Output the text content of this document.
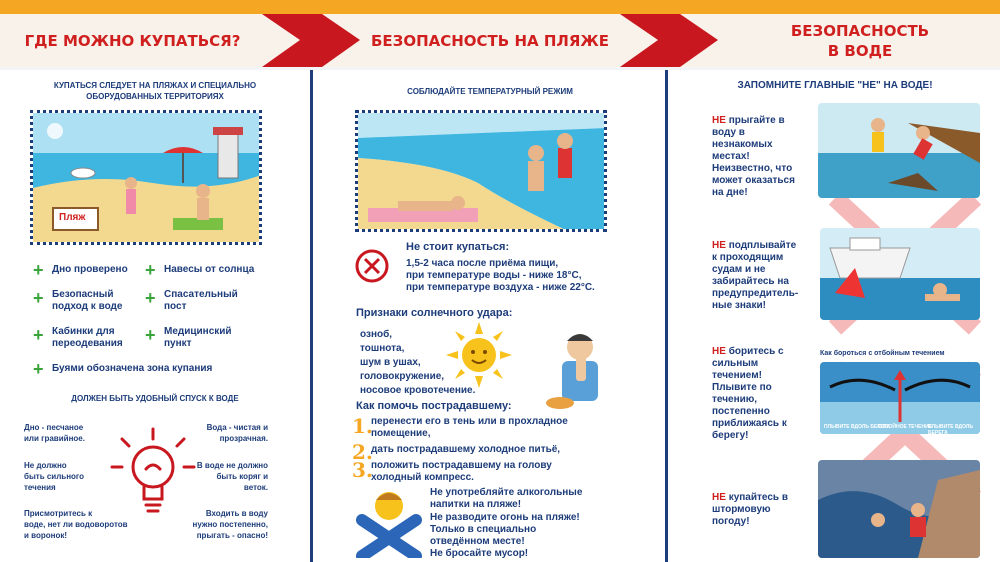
ГДЕ МОЖНО КУПАТЬСЯ?	БЕЗОПАСНОСТЬ НА ПЛЯЖЕ
БЕЗОПАСНОСТЬ
В ВОДЕ
КУПАТЬСЯ СЛЕДУЕТ НА ПЛЯЖАХ И СПЕЦИАЛЬНО
ОБОРУДОВАННЫХ ТЕРРИТОРИЯХ
Пляж
+ Дно проверено + Навесы от солнца
+ Безопасный
подход к воде + Спасательный
пост
+ Кабинки для
переодевания + Медицинский
пункт
+ Буями обозначена зона купания
ДОЛЖЕН БЫТЬ УДОБНЫЙ СПУСК К ВОДЕ
Дно - песчаное
или гравийное.
Не должно
быть сильного
течения
Присмотритесь к
воде, нет ли водоворотов
и воронок!
Вода - чистая и
прозрачная.
В воде не должно
быть коряг и
веток.
Входить в воду
нужно постепенно,
прыгать - опасно!
СОБЛЮДАЙТЕ ТЕМПЕРАТУРНЫЙ РЕЖИМ
Не стоит купаться:
1,5-2 часа после приёма пищи,
при температуре воды - ниже 18°С,
при температуре воздуха - ниже 22°С.
Признаки солнечного удара:
озноб,
тошнота,
шум в ушах,
головокружение,
носовое кровотечение.
Как помочь пострадавшему:
1.
перенести его в тень или в прохладное
помещение,
2.
дать пострадавшему холодное питьё,
3.
положить пострадавшему на голову
холодный компресс.
Не употребляйте алкогольные
напитки на пляже!
Не разводите огонь на пляже!
Только в специально
отведённом месте!
Не бросайте мусор!
ЗАПОМНИТЕ ГЛАВНЫЕ "НЕ" НА ВОДЕ!
НЕ прыгайте в
воду в
незнакомых
местах!
Неизвестно, что
может оказаться
на дне!
НЕ подплывайте
к проходящим
судам и не
забирайтесь на
предупредитель-
ные знаки!
НЕ боритесь с
сильным
течением!
Плывите по
течению,
постепенно
приближаясь к
берегу!
Как бороться с отбойным течением
ПЛЫВИТЕ ВДОЛЬ БЕРЕГА
ОТБОЙНОЕ ТЕЧЕНИЕ
ПЛЫВИТЕ ВДОЛЬ БЕРЕГА
НЕ купайтесь в
штормовую
погоду!
